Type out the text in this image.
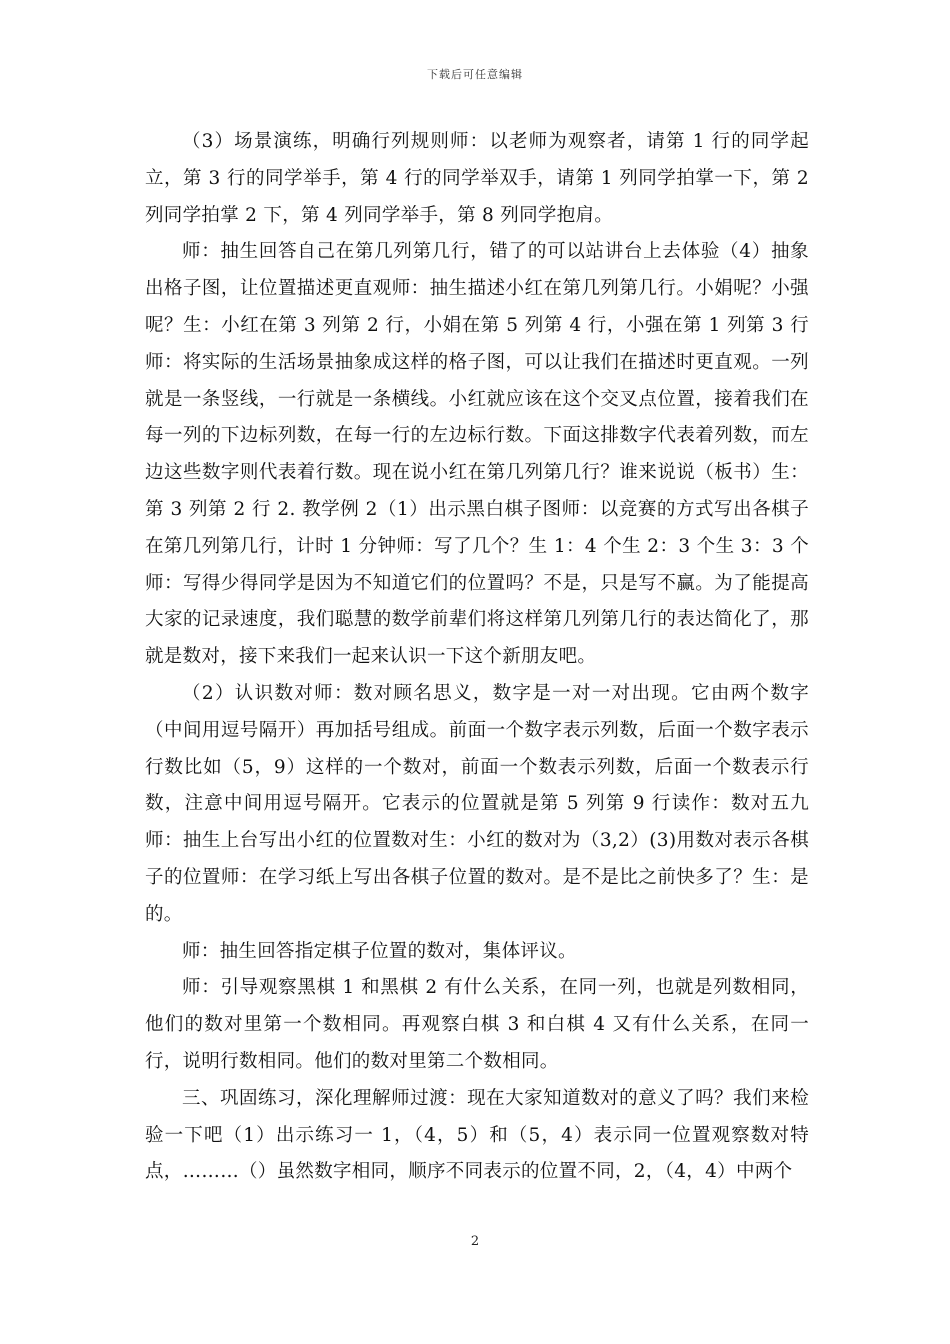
下载后可任意编辑

（3）场景演练，明确行列规则师：以老师为观察者，请第 1 行的同学起立，第 3 行的同学举手，第 4 行的同学举双手，请第 1 列同学拍掌一下，第 2 列同学拍掌 2 下，第 4 列同学举手，第 8 列同学抱肩。

师：抽生回答自己在第几列第几行，错了的可以站讲台上去体验（4）抽象出格子图，让位置描述更直观师：抽生描述小红在第几列第几行。小娟呢？小强呢？生：小红在第 3 列第 2 行，小娟在第 5 列第 4 行，小强在第 1 列第 3 行师：将实际的生活场景抽象成这样的格子图，可以让我们在描述时更直观。一列就是一条竖线，一行就是一条横线。小红就应该在这个交叉点位置，接着我们在每一列的下边标列数，在每一行的左边标行数。下面这排数字代表着列数，而左边这些数字则代表着行数。现在说小红在第几列第几行？谁来说说（板书）生：第 3 列第 2 行 2. 教学例 2（1）出示黑白棋子图师：以竞赛的方式写出各棋子在第几列第几行，计时 1 分钟师：写了几个？生 1：4 个生 2：3 个生 3：3 个师：写得少得同学是因为不知道它们的位置吗？不是，只是写不赢。为了能提高大家的记录速度，我们聪慧的数学前辈们将这样第几列第几行的表达简化了，那就是数对，接下来我们一起来认识一下这个新朋友吧。

（2）认识数对师：数对顾名思义，数字是一对一对出现。它由两个数字（中间用逗号隔开）再加括号组成。前面一个数字表示列数，后面一个数字表示行数比如（5，9）这样的一个数对，前面一个数表示列数，后面一个数表示行数，注意中间用逗号隔开。它表示的位置就是第 5 列第 9 行读作：数对五九师：抽生上台写出小红的位置数对生：小红的数对为（3,2）(3)用数对表示各棋子的位置师：在学习纸上写出各棋子位置的数对。是不是比之前快多了？生：是的。

师：抽生回答指定棋子位置的数对，集体评议。

师：引导观察黑棋 1 和黑棋 2 有什么关系，在同一列，也就是列数相同，他们的数对里第一个数相同。再观察白棋 3 和白棋 4 又有什么关系，在同一行，说明行数相同。他们的数对里第二个数相同。

三、巩固练习，深化理解师过渡：现在大家知道数对的意义了吗？我们来检验一下吧（1）出示练习一 1，（4，5）和（5，4）表示同一位置观察数对特点，………（）虽然数字相同，顺序不同表示的位置不同，2，（4，4）中两个

2
